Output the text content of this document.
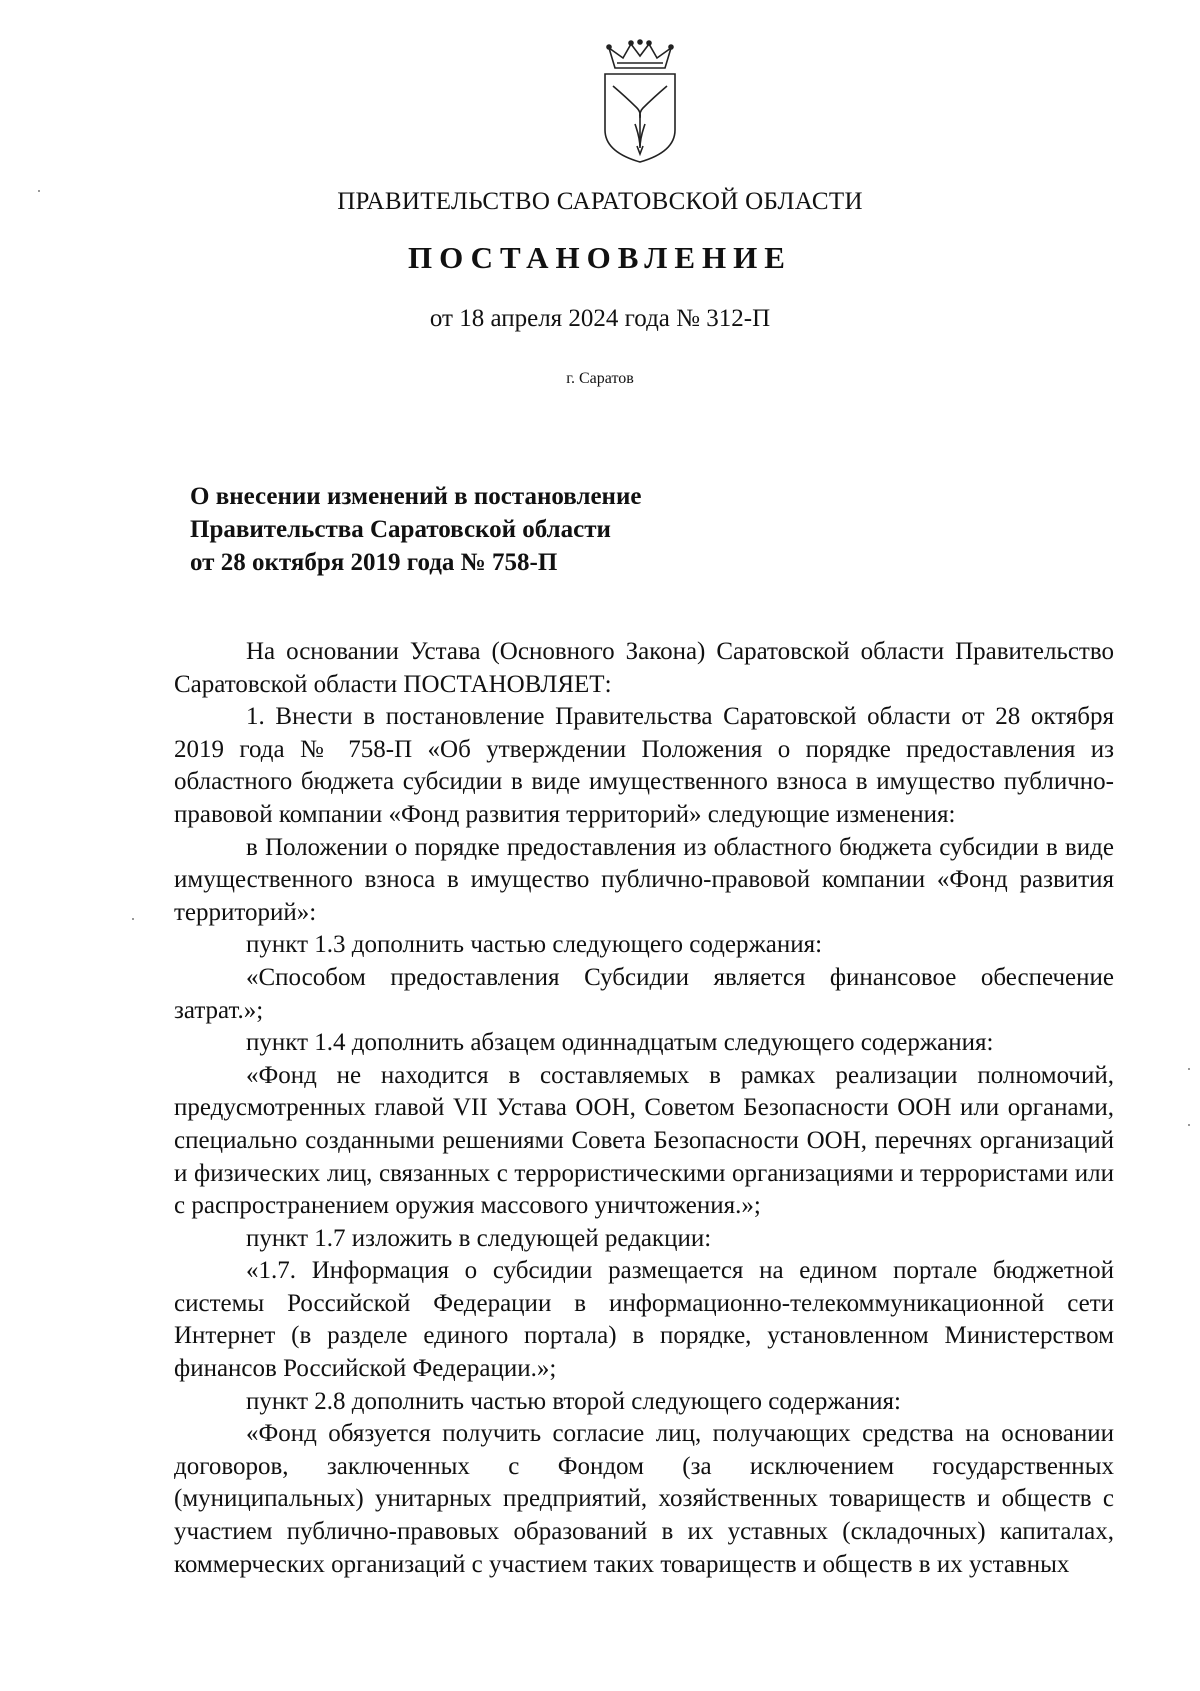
ПРАВИТЕЛЬСТВО САРАТОВСКОЙ ОБЛАСТИ
ПОСТАНОВЛЕНИЕ
от 18 апреля 2024 года № 312-П
г. Саратов
О внесении изменений в постановление
Правительства Саратовской области
от 28 октября 2019 года № 758-П

На основании Устава (Основного Закона) Саратовской области Правительство Саратовской области ПОСТАНОВЛЯЕТ:

1. Внести в постановление Правительства Саратовской области от 28 октября 2019 года № 758-П «Об утверждении Положения о порядке предоставления из областного бюджета субсидии в виде имущественного взноса в имущество публично-правовой компании «Фонд развития территорий» следующие изменения:

в Положении о порядке предоставления из областного бюджета субсидии в виде имущественного взноса в имущество публично-правовой компании «Фонд развития территорий»:

пункт 1.3 дополнить частью следующего содержания:

«Способом предоставления Субсидии является финансовое обеспечение затрат.»;

пункт 1.4 дополнить абзацем одиннадцатым следующего содержания:

«Фонд не находится в составляемых в рамках реализации полномочий, предусмотренных главой VII Устава ООН, Советом Безопасности ООН или органами, специально созданными решениями Совета Безопасности ООН, перечнях организаций и физических лиц, связанных с террористическими организациями и террористами или с распространением оружия массового уничтожения.»;

пункт 1.7 изложить в следующей редакции:

«1.7. Информация о субсидии размещается на едином портале бюджетной системы Российской Федерации в информационно-телекоммуникационной сети Интернет (в разделе единого портала) в порядке, установленном Министерством финансов Российской Федерации.»;

пункт 2.8 дополнить частью второй следующего содержания:

«Фонд обязуется получить согласие лиц, получающих средства на основании договоров, заключенных с Фондом (за исключением государственных (муниципальных) унитарных предприятий, хозяйственных товариществ и обществ с участием публично-правовых образований в их уставных (складочных) капиталах, коммерческих организаций с участием таких товариществ и обществ в их уставных
